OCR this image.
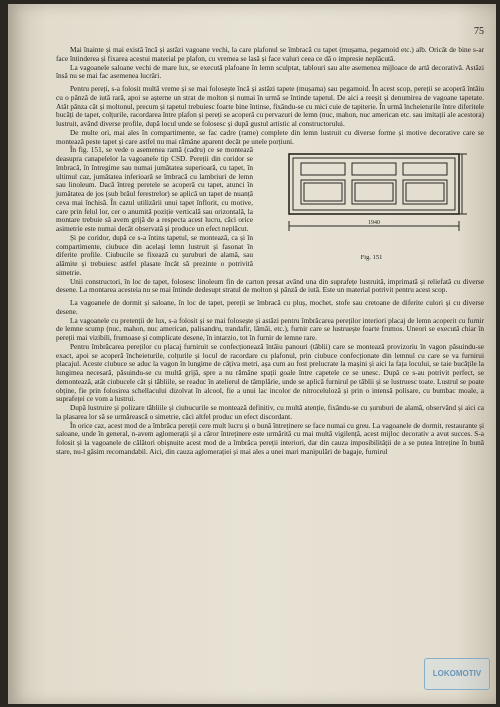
75

Mai înainte și mai există încă și astăzi vagoane vechi, la care plafonul se îmbracă cu tapet (mușama, pegamoid etc.) alb. Oricât de bine s-ar face întinderea și fixarea acestui material pe plafon, cu vremea se lasă și face valuri ceea ce dă o impresie neplăcută.

La vagoanele saloane vechi de mare lux, se execută plafoane în lemn sculptat, tablouri sau alte asemenea mijloace de artă decorativă. Astăzi însă nu se mai fac asemenea lucrări.

Pentru pereți, s-a folosit multă vreme și se mai folosește încă și astăzi tapete (mușama) sau pegamoid. În acest scop, pereții se acoperă întâiu cu o pânză de iută rară, apoi se așterne un strat de molton și numai în urmă se întinde tapetul. De aici a reeșit și denumirea de vagoane tapetate. Atât pânza cât și moltonul, precum și tapetul trebuiesc foarte bine întinse, fixându-se cu mici cuie de tapiterie. În urmă încheieturile între diferitele bucăți de tapet, colțurile, racordarea între plafon și pereți se acoperă cu pervazuri de lemn (nuc, mahon, nuc american etc. sau imitații ale acestora) lustruit, având diverse profile, după locul unde se folosesc și după gustul artistic al constructorului.

De multe ori, mai ales în compartimente, se fac cadre (rame) complete din lemn lustruit cu diverse forme și motive decorative care se montează peste tapet și care astfel nu mai rămâne aparent decât pe unele porțiuni.

1940
Fig. 151

În fig. 151, se vede o asemenea ramă (cadru) ce se montează deasupra canapelelor la vagoanele tip CSD. Pereții din coridor se îmbracă, în întregime sau numai jumătatea superioară, cu tapet, în ultimul caz, jumătatea inferioară se îmbracă cu lambriuri de lemn sau linoleum. Dacă întreg peretele se acoperă cu tapet, atunci în jumătatea de jos (sub brâul ferestrelor) se aplică un tapet de nuanță ceva mai închisă. În cazul utilizării unui tapet înflorit, cu motive, care prin felul lor, cer o anumită poziție verticală sau orizontală, la montare trebuie să avem grijă de a respecta acest lucru, căci orice asimetrie este numai decât observată și produce un efect neplăcut.

Și pe coridor, după ce s-a întins tapetul, se montează, ca și în compartimente, ciubuce din același lemn lustruit și fasonat în diferite profile. Ciubucile se fixează cu șuruburi de alamă, sau alămite și trebuiesc astfel plasate încât să prezinte o potrivită simetrie.

Unii constructori, în loc de tapet, folosesc linoleum fin de carton presat având una din suprafețe lustruită, imprimată și reliefată cu diverse desene. La montarea acesteia nu se mai întinde dedesupt stratul de molton și pânză de iută. Este un material potrivit pentru acest scop.

La vagoanele de dormit și saloane, în loc de tapet, pereții se îmbracă cu pluș, mochet, stofe sau cretoane de diferite culori și cu diverse desene.

La vagoanele cu pretenții de lux, s-a folosit și se mai folosește și astăzi pentru îmbrăcarea pereților interiori placaj de lemn acoperit cu furnir de lemne scump (nuc, mahon, nuc american, palisandru, trandafir, lămâi, etc.), furnir care se lustruește foarte frumos. Uneori se execută chiar în pereții mai vizibili, frumoase și complicate desene, în intarzio, tot în furnir de lemne rare.

Pentru îmbrăcarea pereților cu placaj furniruit se confecționează întâiu panouri (tăblii) care se montează provizoriu în vagon păsuindu-se exact, apoi se acoperă încheieturile, colțurile și locul de racordare cu plafonul, prin ciubuce confecționate din lemnul cu care se va furnirui placajul. Aceste ciubuce se aduc la vagon în lungime de câțiva metri, așa cum au fost prelucrate la mașini și aici la fața locului, se taie bucățile la lungimea necesară, păsuindu-se cu multă grijă, spre a nu rămâne spații goale între capetele ce se unesc. După ce s-au potrivit perfect, se demontează, atât ciubucele cât și tăbliile, se readuc în atelierul de tâmplărie, unde se aplică furnirul pe tăblii și se lustruesc toate. Lustrul se poate obține, fie prin folosirea schellacului dizolvat în alcool, fie a unui lac incolor de nitroceluloză și prin o intensă polisare, cu bumbac moale, a suprafeței ce vom a lustrui.

După lustruire și polizare tăbliile și ciubucurile se montează definitiv, cu multă atenție, fixându-se cu șuruburi de alamă, observând și aici ca la plasarea lor să se urmărească o simetrie, căci altfel produc un efect discordant.

În orice caz, acest mod de a îmbrăca pereții cere mult lucru și o bună întreținere se face numai cu greu. La vagoanele de dormit, restaurante și saloane, unde în general, n-avem aglomerații și a căror întreținere este urmărită cu mai multă vigilență, acest mijloc decorativ a avut succes. S-a folosit și la vagoanele de călători obișnuite acest mod de a îmbrăca pereții interiori, dar din cauza imposibilității de a se putea întreține în bună stare, nu-l găsim recomandabil. Aici, din cauza aglomerației și mai ales a unei mari manipulări de bagaje, furnirul

LOKOMOTIV
